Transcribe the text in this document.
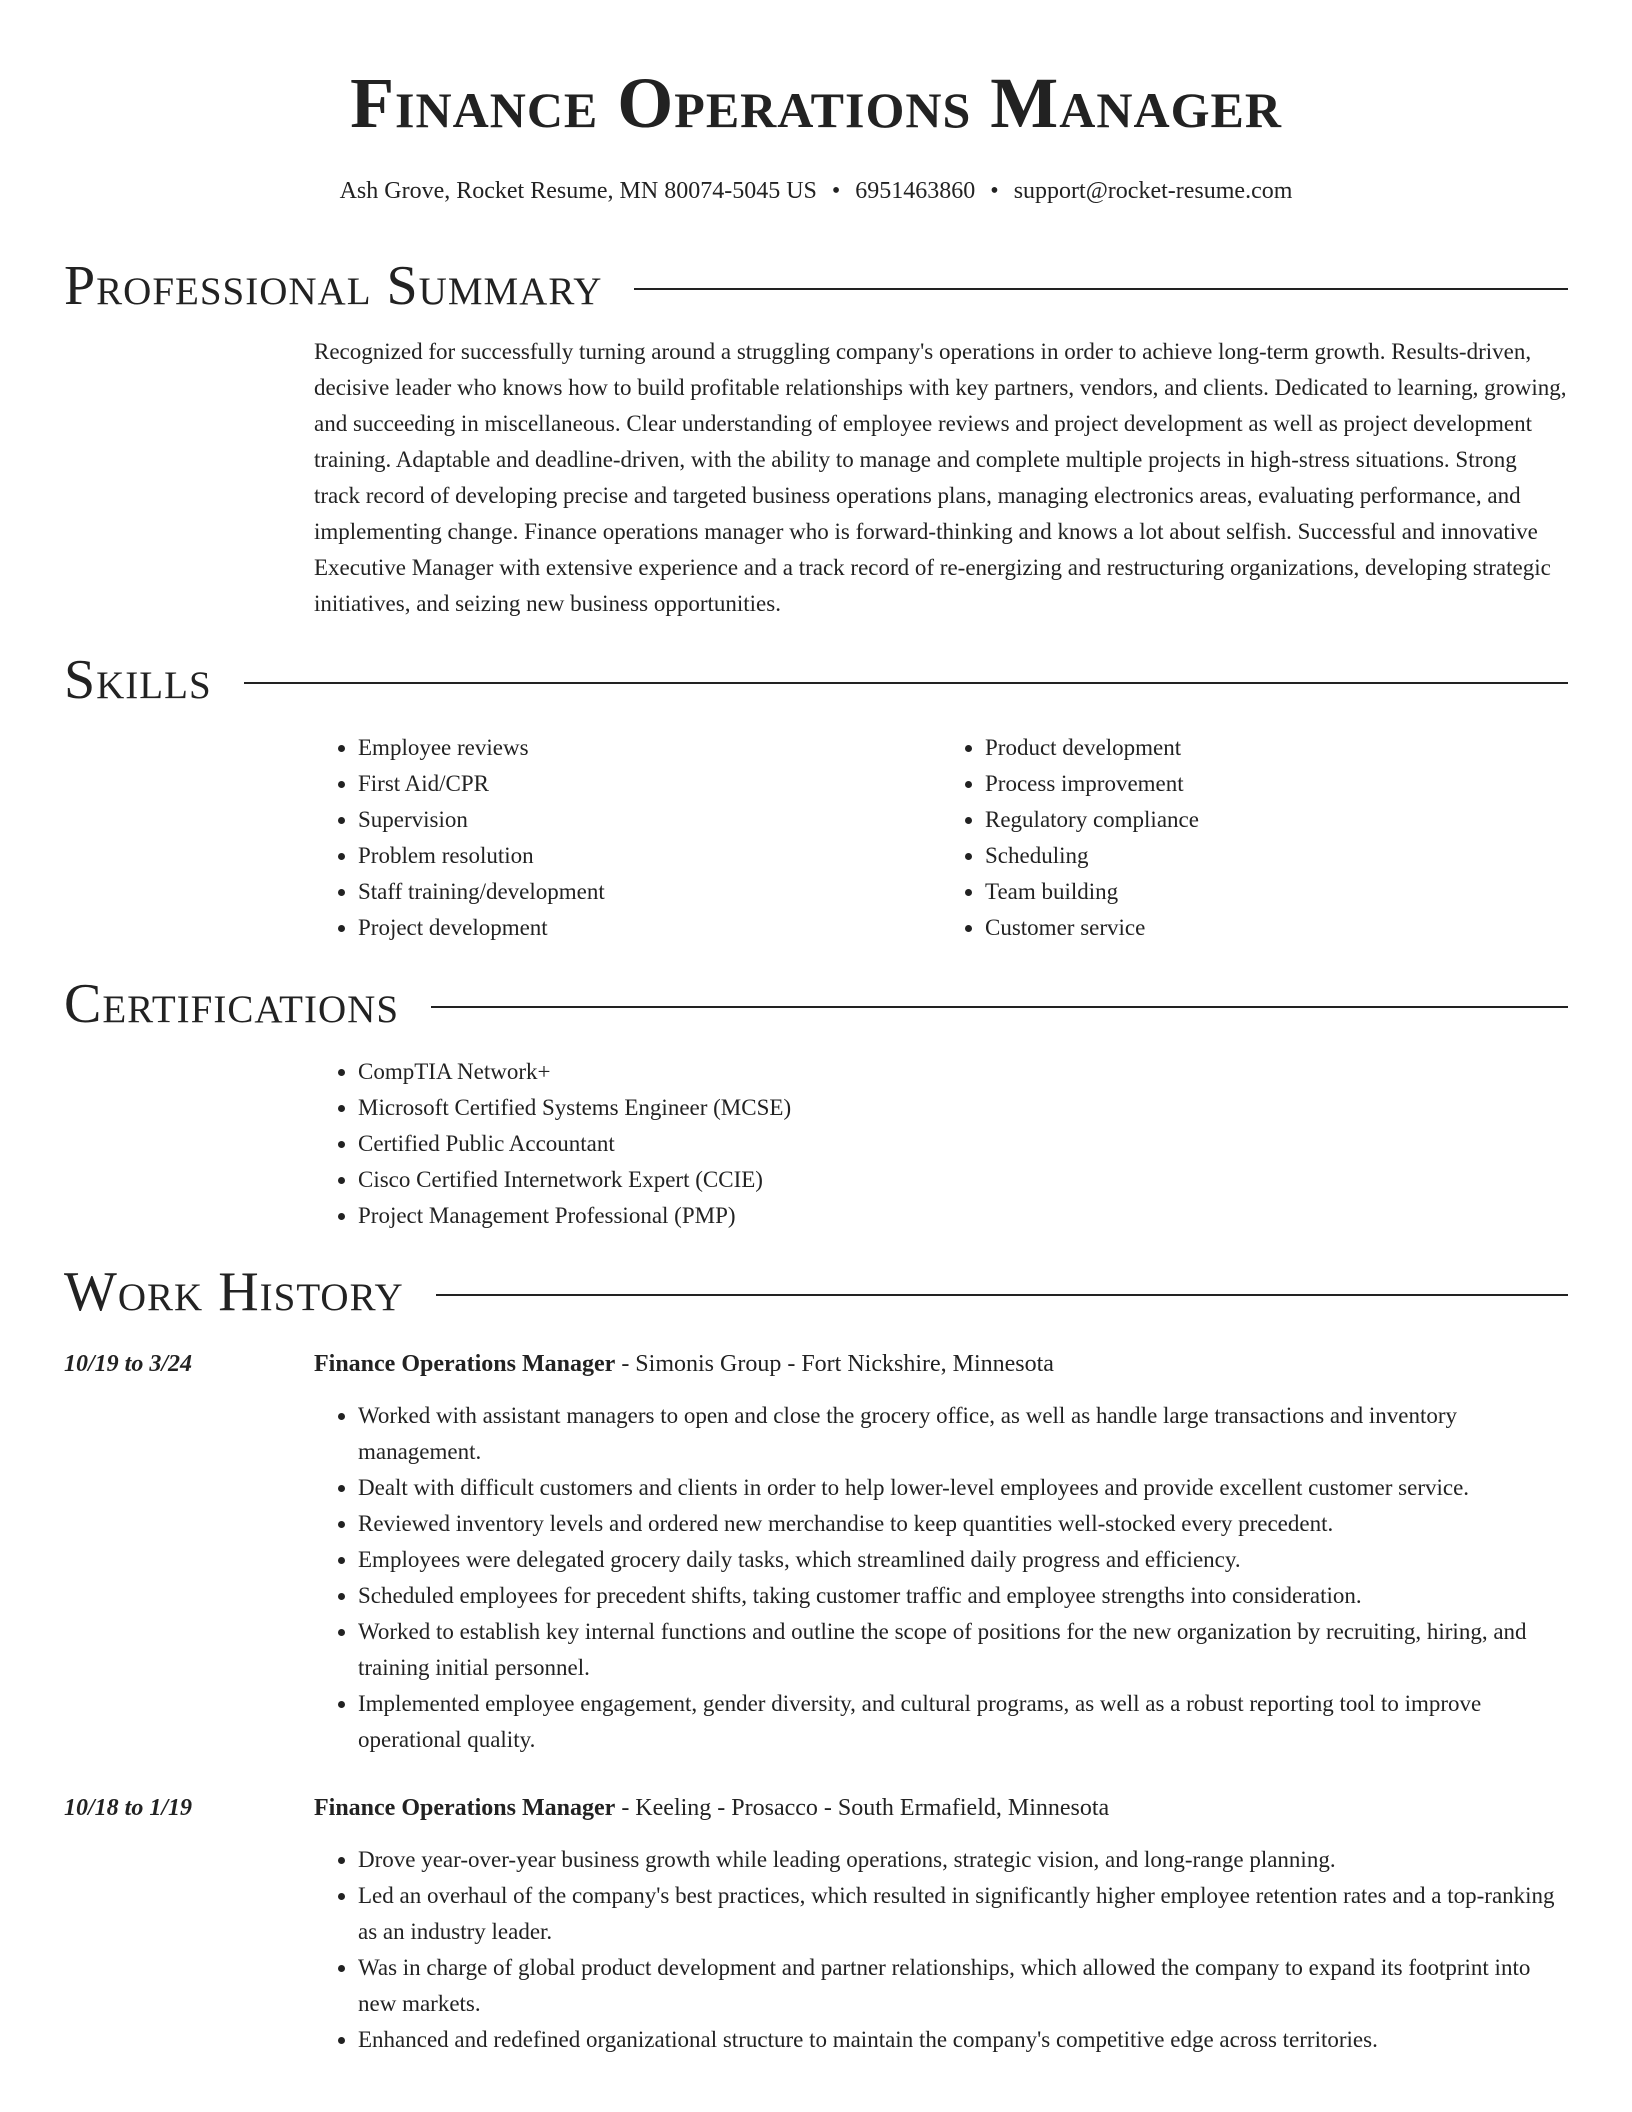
Finance Operations Manager
Ash Grove, Rocket Resume, MN 80074-5045 US • 6951463860 • support@rocket-resume.com
Professional Summary

Recognized for successfully turning around a struggling company's operations in order to achieve long-term growth. Results-driven, decisive leader who knows how to build profitable relationships with key partners, vendors, and clients. Dedicated to learning, growing, and succeeding in miscellaneous. Clear understanding of employee reviews and project development as well as project development training. Adaptable and deadline-driven, with the ability to manage and complete multiple projects in high-stress situations. Strong track record of developing precise and targeted business operations plans, managing electronics areas, evaluating performance, and implementing change. Finance operations manager who is forward-thinking and knows a lot about selfish. Successful and innovative Executive Manager with extensive experience and a track record of re-energizing and restructuring organizations, developing strategic initiatives, and seizing new business opportunities.

Skills
• Employee reviews
• First Aid/CPR
• Supervision
• Problem resolution
• Staff training/development
• Project development
• Product development
• Process improvement
• Regulatory compliance
• Scheduling
• Team building
• Customer service
Certifications
• CompTIA Network+
• Microsoft Certified Systems Engineer (MCSE)
• Certified Public Accountant
• Cisco Certified Internetwork Expert (CCIE)
• Project Management Professional (PMP)
Work History
10/19 to 3/24	Finance Operations Manager - Simonis Group - Fort Nickshire, Minnesota
• Worked with assistant managers to open and close the grocery office, as well as handle large transactions and inventory management.
• Dealt with difficult customers and clients in order to help lower-level employees and provide excellent customer service.
• Reviewed inventory levels and ordered new merchandise to keep quantities well-stocked every precedent.
• Employees were delegated grocery daily tasks, which streamlined daily progress and efficiency.
• Scheduled employees for precedent shifts, taking customer traffic and employee strengths into consideration.
• Worked to establish key internal functions and outline the scope of positions for the new organization by recruiting, hiring, and training initial personnel.
• Implemented employee engagement, gender diversity, and cultural programs, as well as a robust reporting tool to improve operational quality.
10/18 to 1/19	Finance Operations Manager - Keeling - Prosacco - South Ermafield, Minnesota
• Drove year-over-year business growth while leading operations, strategic vision, and long-range planning.
• Led an overhaul of the company's best practices, which resulted in significantly higher employee retention rates and a top-ranking as an industry leader.
• Was in charge of global product development and partner relationships, which allowed the company to expand its footprint into new markets.
• Enhanced and redefined organizational structure to maintain the company's competitive edge across territories.
